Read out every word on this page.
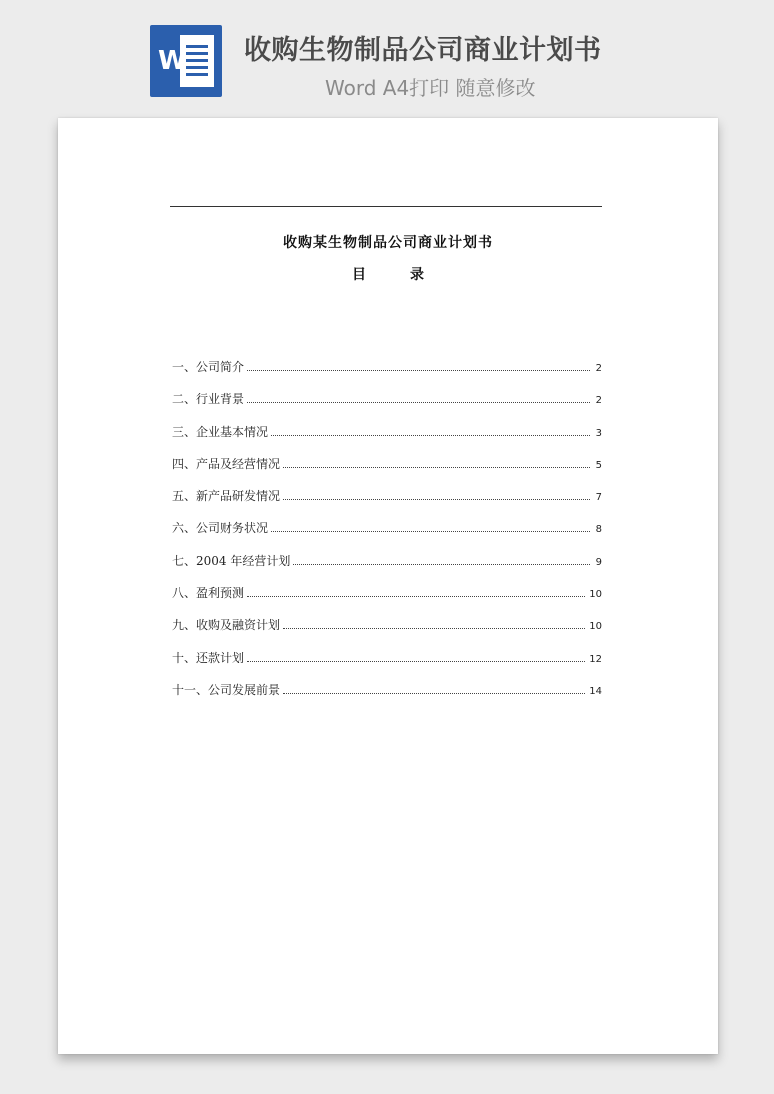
W 收购生物制品公司商业计划书
Word A4打印 随意修改
收购某生物制品公司商业计划书
目录
一、公司简介	2
二、行业背景	2
三、企业基本情况	3
四、产品及经营情况	5
五、新产品研发情况	7
六、公司财务状况	8
七、2004 年经营计划	9
八、盈利预测	10
九、收购及融资计划	10
十、还款计划	12
十一、公司发展前景	14
